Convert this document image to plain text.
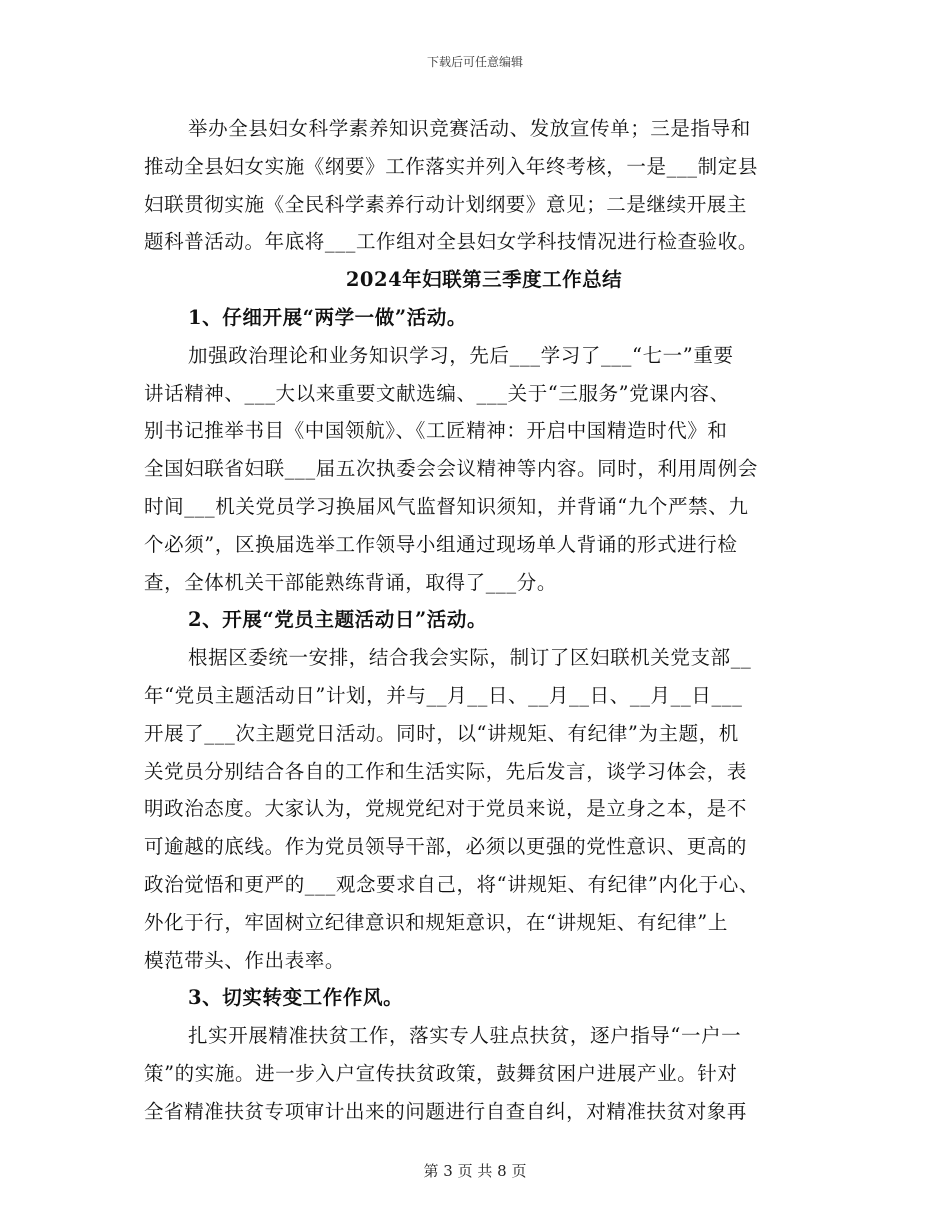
下载后可任意编辑
举办全县妇女科学素养知识竞赛活动、发放宣传单；三是指导和
推动全县妇女实施《纲要》工作落实并列入年终考核，一是___制定县
妇联贯彻实施《全民科学素养行动计划纲要》意见；二是继续开展主
题科普活动。年底将___工作组对全县妇女学科技情况进行检查验收。
2024年妇联第三季度工作总结
1、仔细开展“两学一做”活动。
加强政治理论和业务知识学习，先后___学习了___“七一”重要
讲话精神、___大以来重要文献选编、___关于“三服务”党课内容、
别书记推举书目《中国领航》、《工匠精神：开启中国精造时代》和
全国妇联省妇联___届五次执委会会议精神等内容。同时，利用周例会
时间___机关党员学习换届风气监督知识须知，并背诵“九个严禁、九
个必须”，区换届选举工作领导小组通过现场单人背诵的形式进行检
查，全体机关干部能熟练背诵，取得了___分。
2、开展“党员主题活动日”活动。
根据区委统一安排，结合我会实际，制订了区妇联机关党支部__
年“党员主题活动日”计划，并与__月__日、__月__日、__月__日___
开展了___次主题党日活动。同时，以“讲规矩、有纪律”为主题，机
关党员分别结合各自的工作和生活实际，先后发言，谈学习体会，表
明政治态度。大家认为，党规党纪对于党员来说，是立身之本，是不
可逾越的底线。作为党员领导干部，必须以更强的党性意识、更高的
政治觉悟和更严的___观念要求自己，将“讲规矩、有纪律”内化于心、
外化于行，牢固树立纪律意识和规矩意识，在“讲规矩、有纪律”上
模范带头、作出表率。
3、切实转变工作作风。
扎实开展精准扶贫工作，落实专人驻点扶贫，逐户指导“一户一
策”的实施。进一步入户宣传扶贫政策，鼓舞贫困户进展产业。针对
全省精准扶贫专项审计出来的问题进行自查自纠，对精准扶贫对象再
第 3 页 共 8 页
